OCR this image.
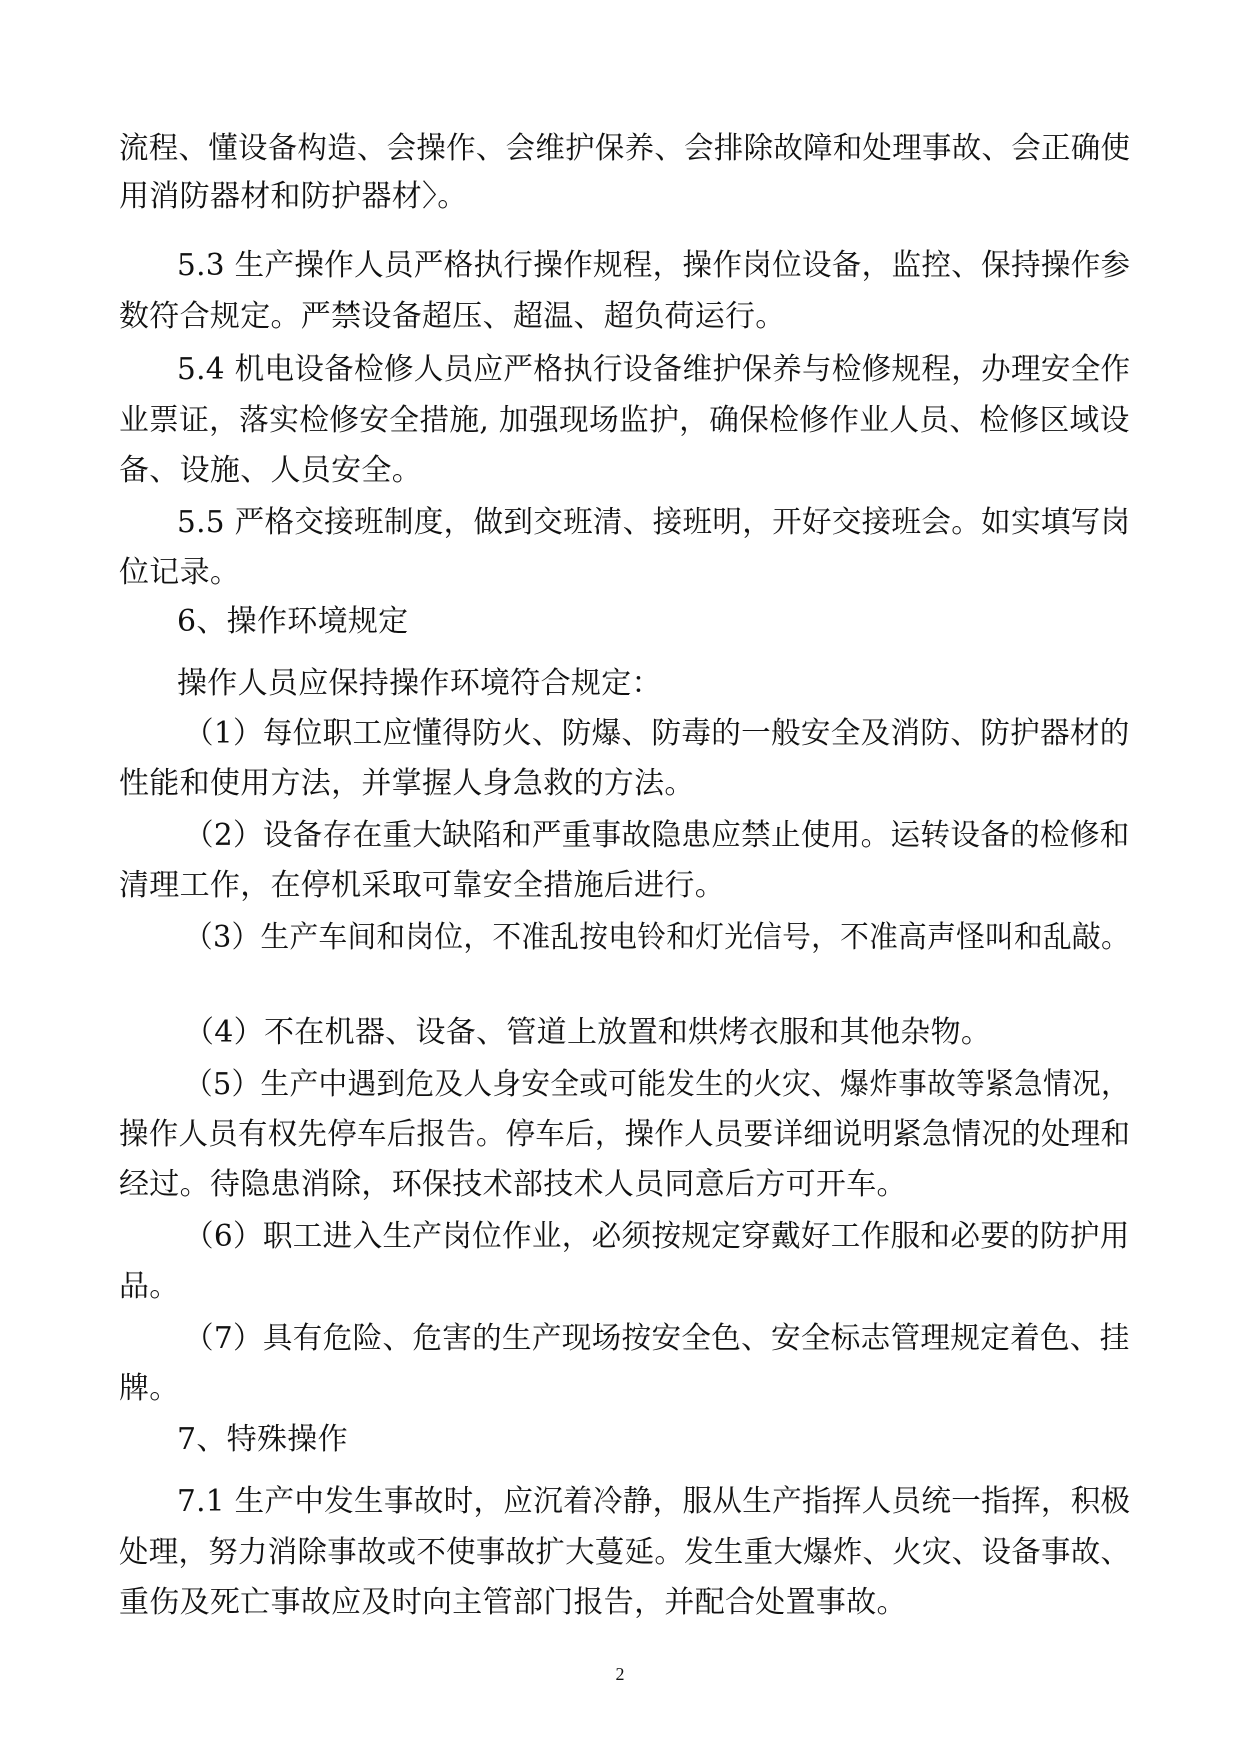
流程、懂设备构造、会操作、会维护保养、会排除故障和处理事故、会正确使
用消防器材和防护器材〉。
5.3 生产操作人员严格执行操作规程，操作岗位设备，监控、保持操作参
数符合规定。严禁设备超压、超温、超负荷运行。
5.4 机电设备检修人员应严格执行设备维护保养与检修规程，办理安全作
业票证，落实检修安全措施, 加强现场监护，确保检修作业人员、检修区域设
备、设施、人员安全。
5.5 严格交接班制度，做到交班清、接班明，开好交接班会。如实填写岗
位记录。
6、操作环境规定
操作人员应保持操作环境符合规定：
（1）每位职工应懂得防火、防爆、防毒的一般安全及消防、防护器材的
性能和使用方法，并掌握人身急救的方法。
（2）设备存在重大缺陷和严重事故隐患应禁止使用。运转设备的检修和
清理工作，在停机采取可靠安全措施后进行。
（3）生产车间和岗位，不准乱按电铃和灯光信号，不准高声怪叫和乱敲。
（4）不在机器、设备、管道上放置和烘烤衣服和其他杂物。
（5）生产中遇到危及人身安全或可能发生的火灾、爆炸事故等紧急情况，
操作人员有权先停车后报告。停车后，操作人员要详细说明紧急情况的处理和
经过。待隐患消除，环保技术部技术人员同意后方可开车。
（6）职工进入生产岗位作业，必须按规定穿戴好工作服和必要的防护用
品。
（7）具有危险、危害的生产现场按安全色、安全标志管理规定着色、挂
牌。
7、特殊操作
7.1 生产中发生事故时，应沉着冷静，服从生产指挥人员统一指挥，积极
处理，努力消除事故或不使事故扩大蔓延。发生重大爆炸、火灾、设备事故、
重伤及死亡事故应及时向主管部门报告，并配合处置事故。
2
